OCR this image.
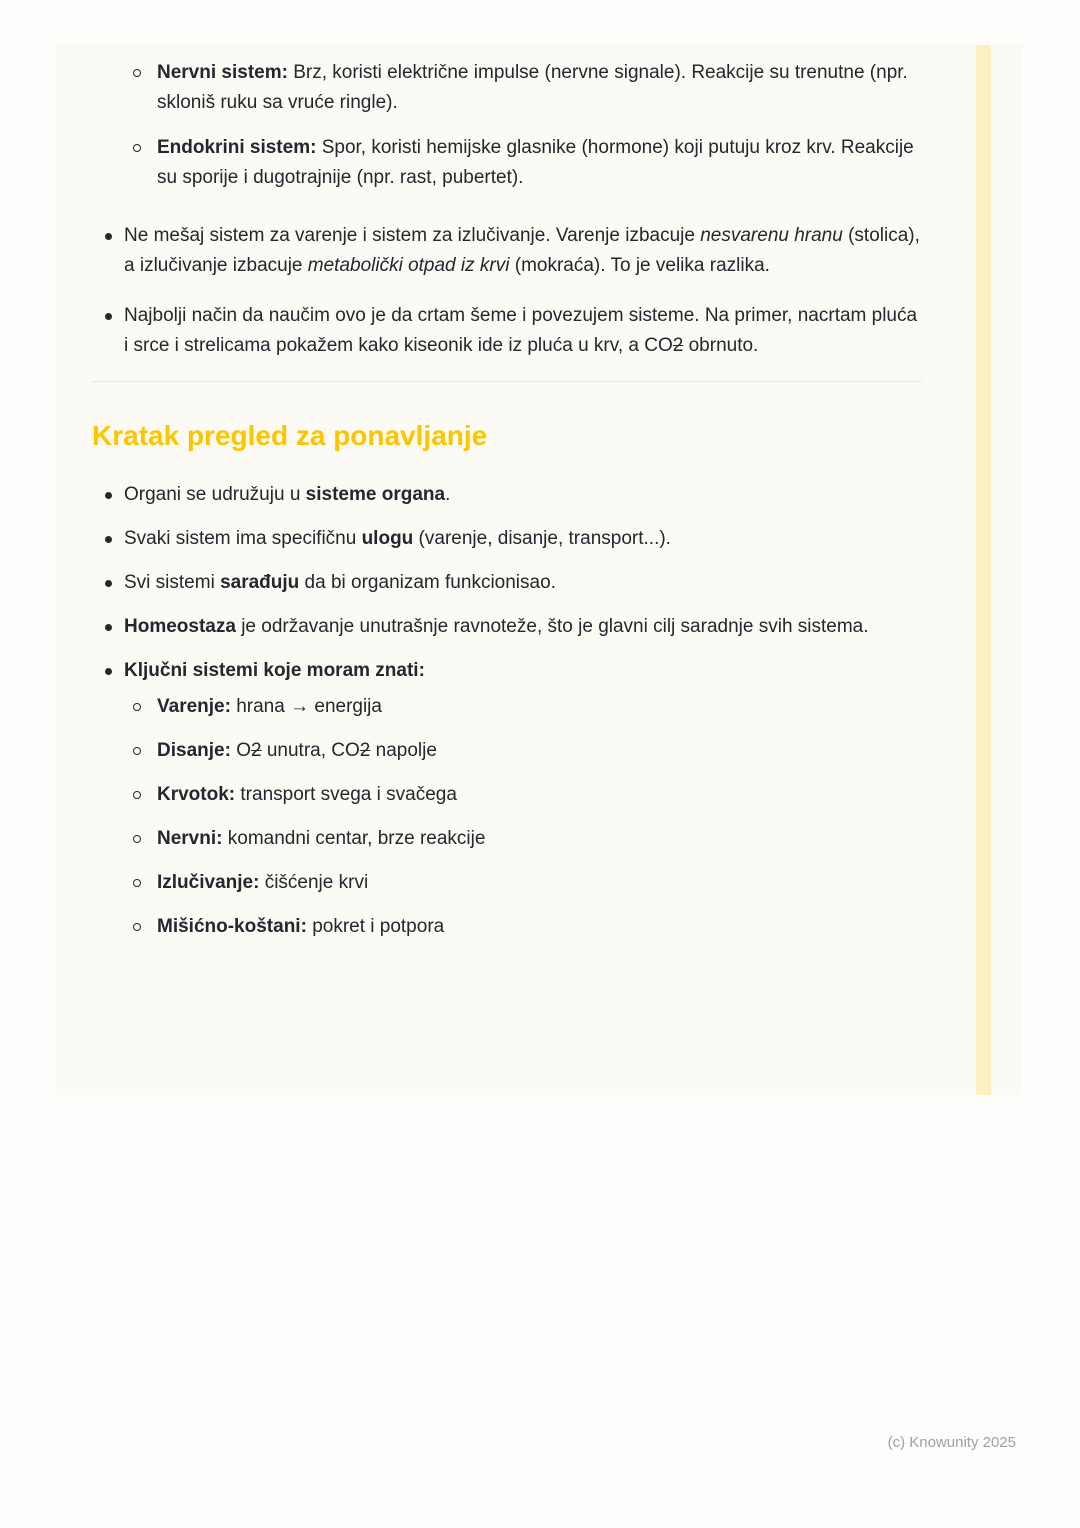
Nervni sistem: Brz, koristi električne impulse (nervne signale). Reakcije su trenutne (npr. skloniš ruku sa vruće ringle).
Endokrini sistem: Spor, koristi hemijske glasnike (hormone) koji putuju kroz krv. Reakcije su sporije i dugotrajnije (npr. rast, pubertet).
Ne mešaj sistem za varenje i sistem za izlučivanje. Varenje izbacuje nesvarenu hranu (stolica), a izlučivanje izbacuje metabolički otpad iz krvi (mokraća). To je velika razlika.
Najbolji način da naučim ovo je da crtam šeme i povezujem sisteme. Na primer, nacrtam pluća i srce i strelicama pokažem kako kiseonik ide iz pluća u krv, a CO2 obrnuto.
Kratak pregled za ponavljanje
Organi se udružuju u sisteme organa.
Svaki sistem ima specifičnu ulogu (varenje, disanje, transport...).
Svi sistemi sarađuju da bi organizam funkcionisao.
Homeostaza je održavanje unutrašnje ravnoteže, što je glavni cilj saradnje svih sistema.
Ključni sistemi koje moram znati:
Varenje: hrana → energija
Disanje: O2 unutra, CO2 napolje
Krvotok: transport svega i svačega
Nervni: komandni centar, brze reakcije
Izlučivanje: čišćenje krvi
Mišićno-koštani: pokret i potpora
(c) Knowunity 2025
